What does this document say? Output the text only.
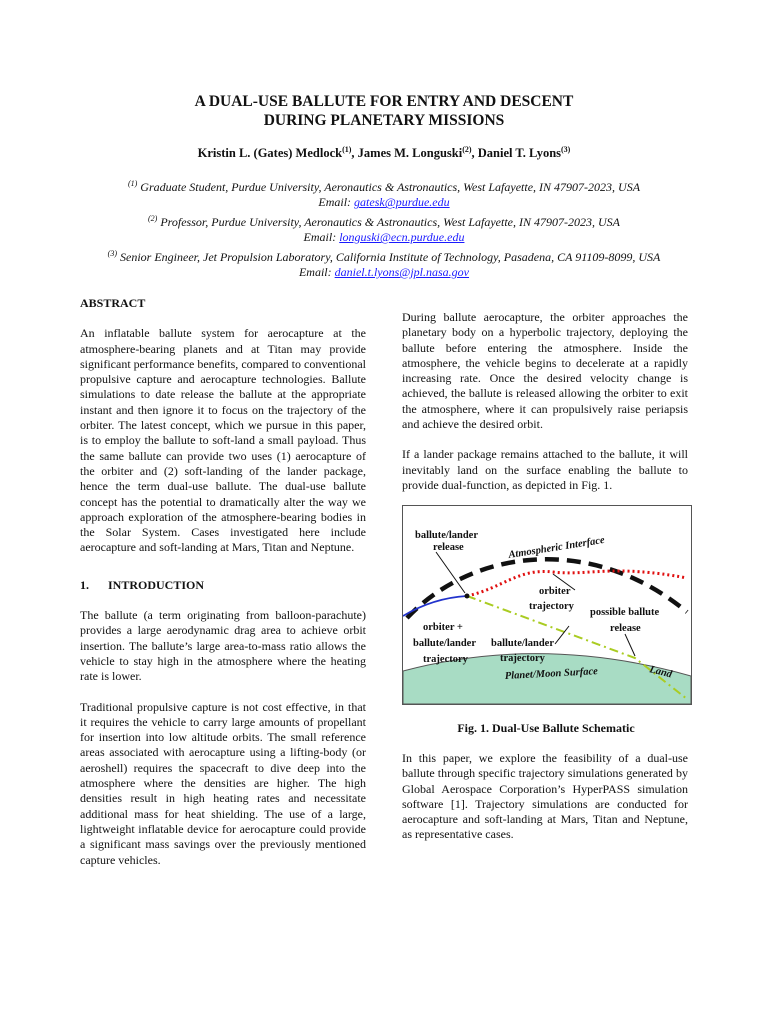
A DUAL-USE BALLUTE FOR ENTRY AND DESCENT
DURING PLANETARY MISSIONS
Kristin L. (Gates) Medlock$^{(1)}$, James M. Longuski$^{(2)}$, Daniel T. Lyons$^{(3)}$
$^{(1)}$ Graduate Student, Purdue University, Aeronautics & Astronautics, West Lafayette, IN 47907-2023, USA
Email: gatesk@purdue.edu
$^{(2)}$ Professor, Purdue University, Aeronautics & Astronautics, West Lafayette, IN 47907-2023, USA
Email: longuski@ecn.purdue.edu
$^{(3)}$ Senior Engineer, Jet Propulsion Laboratory, California Institute of Technology, Pasadena, CA 91109-8099, USA
Email: daniel.t.lyons@jpl.nasa.gov
ABSTRACT

An inflatable ballute system for aerocapture at the atmosphere-bearing planets and at Titan may provide significant performance benefits, compared to conventional propulsive capture and aerocapture technologies. Ballute simulations to date release the ballute at the appropriate instant and then ignore it to focus on the trajectory of the orbiter. The latest concept, which we pursue in this paper, is to employ the ballute to soft-land a small payload. Thus the same ballute can provide two uses (1) aerocapture of the orbiter and (2) soft-landing of the lander package, hence the term dual-use ballute. The dual-use ballute concept has the potential to dramatically alter the way we approach exploration of the atmosphere-bearing bodies in the Solar System. Cases investigated here include aerocapture and soft-landing at Mars, Titan and Neptune.

1. INTRODUCTION

The ballute (a term originating from balloon-parachute) provides a large aerodynamic drag area to achieve orbit insertion. The ballute’s large area-to-mass ratio allows the vehicle to stay high in the atmosphere where the heating rate is lower.

Traditional propulsive capture is not cost effective, in that it requires the vehicle to carry large amounts of propellant for insertion into low altitude orbits. The small reference areas associated with aerocapture using a lifting-body (or aeroshell) requires the spacecraft to dive deep into the atmosphere where the densities are higher. The high densities result in high heating rates and necessitate additional mass for heat shielding. The use of a large, lightweight inflatable device for aerocapture could provide a significant mass savings over the previously mentioned capture vehicles.

During ballute aerocapture, the orbiter approaches the planetary body on a hyperbolic trajectory, deploying the ballute before entering the atmosphere. Inside the atmosphere, the vehicle begins to decelerate at a rapidly increasing rate. Once the desired velocity change is achieved, the ballute is released allowing the orbiter to exit the atmosphere, where it can propulsively raise periapsis and achieve the desired orbit.

If a lander package remains attached to the ballute, it will inevitably land on the surface enabling the ballute to provide dual-function, as depicted in Fig. 1.

Planet/Moon Surface
ballute/lander
release	Atmospheric Interface
orbiter
trajectory
possible ballute
release
orbiter +
ballute/lander
trajectory
ballute/lander
trajectory
Land
Fig. 1. Dual-Use Ballute Schematic

In this paper, we explore the feasibility of a dual-use ballute through specific trajectory simulations generated by Global Aerospace Corporation’s HyperPASS simulation software [1]. Trajectory simulations are conducted for aerocapture and soft-landing at Mars, Titan and Neptune, as representative cases.
